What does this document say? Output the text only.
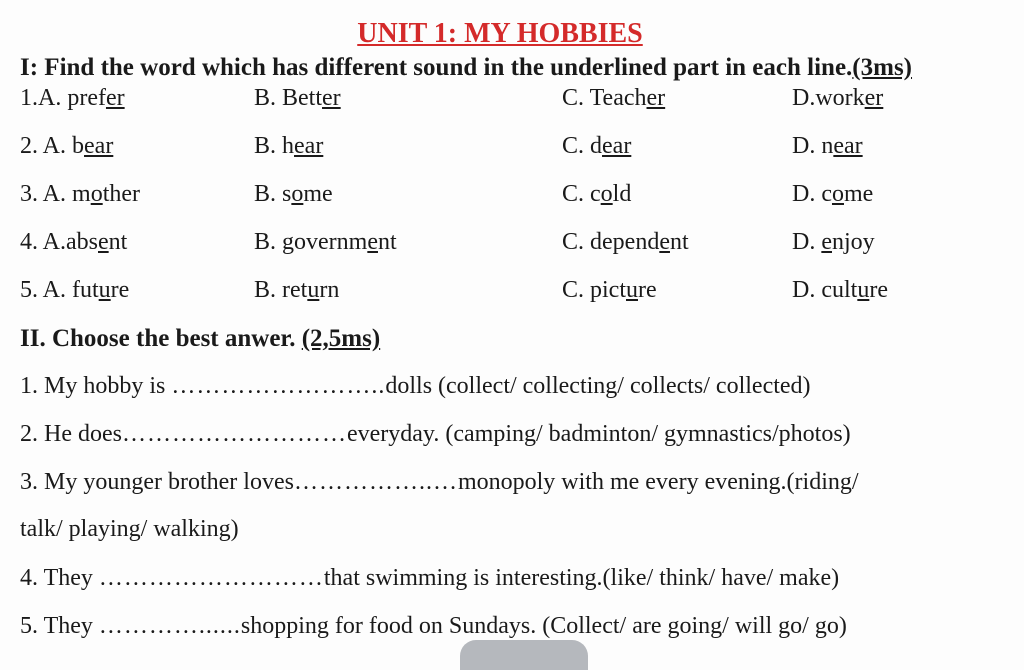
UNIT 1: MY HOBBIES
I: Find the word which has different sound in the underlined part in each line.(3ms)
1.A. prefer	B. Better	C. Teacher	D.worker
2. A. bear	B. hear	C. dear	D. near
3. A. mother	B. some	C. cold	D. come
4. A.absent	B. government	C. dependent	D. enjoy
5. A. future	B. return	C. picture	D. culture
II. Choose the best anwer. (2,5ms)
1. My hobby is ……………………..dolls (collect/ collecting/ collects/ collected)
2. He does………………………everyday. (camping/ badminton/ gymnastics/photos)
3. My younger brother loves……………..…monopoly with me every evening.(riding/
talk/ playing/ walking)
4. They ………………………that swimming is interesting.(like/ think/ have/ make)
5. They …………......shopping for food on Sundays. (Collect/ are going/ will go/ go)
